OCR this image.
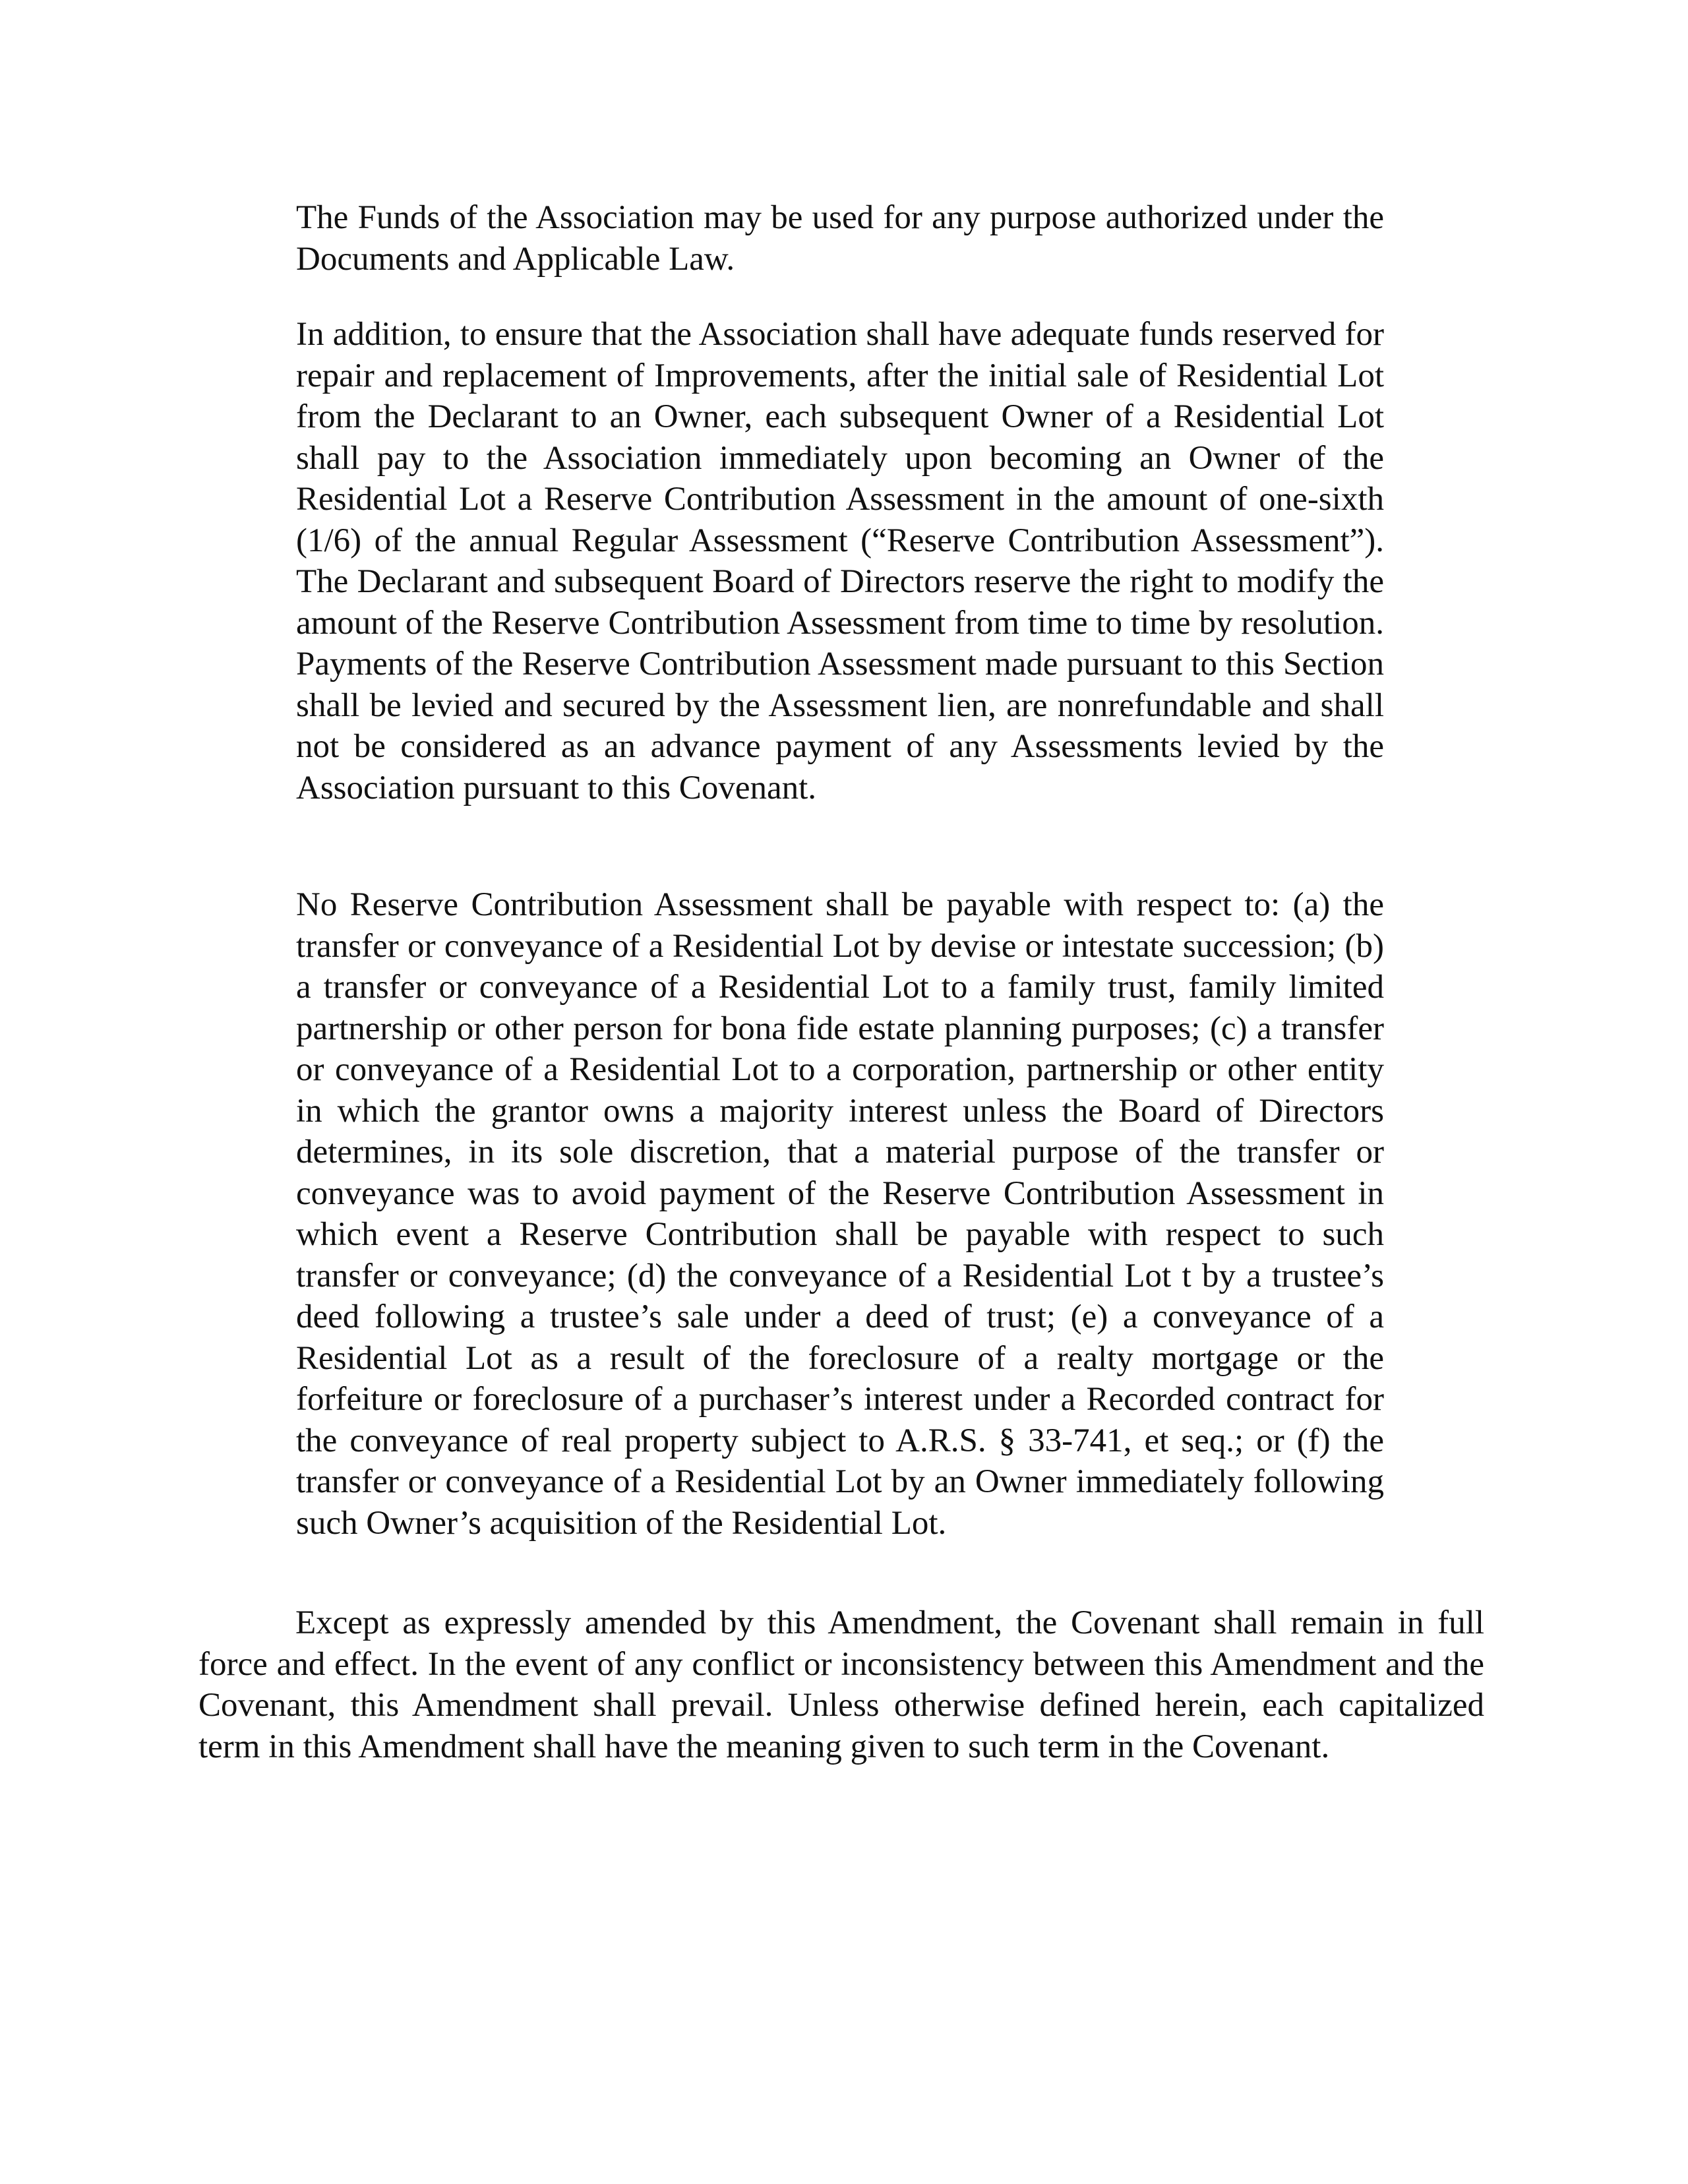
The Funds of the Association may be used for any purpose authorized under the Documents and Applicable Law.

In addition, to ensure that the Association shall have adequate funds reserved for repair and replacement of Improvements, after the initial sale of Residential Lot from the Declarant to an Owner, each subsequent Owner of a Residential Lot shall pay to the Association immediately upon becoming an Owner of the Residential Lot a Reserve Contribution Assessment in the amount of one-sixth (1/6) of the annual Regular Assessment (“Reserve Contribution Assessment”). The Declarant and subsequent Board of Directors reserve the right to modify the amount of the Reserve Contribution Assessment from time to time by resolution. Payments of the Reserve Contribution Assessment made pursuant to this Section shall be levied and secured by the Assessment lien, are nonrefundable and shall not be considered as an advance payment of any Assessments levied by the Association pursuant to this Covenant.

No Reserve Contribution Assessment shall be payable with respect to: (a) the transfer or conveyance of a Residential Lot by devise or intestate succession; (b) a transfer or conveyance of a Residential Lot to a family trust, family limited partnership or other person for bona fide estate planning purposes; (c) a transfer or conveyance of a Residential Lot to a corporation, partnership or other entity in which the grantor owns a majority interest unless the Board of Directors determines, in its sole discretion, that a material purpose of the transfer or conveyance was to avoid payment of the Reserve Contribution Assessment in which event a Reserve Contribution shall be payable with respect to such transfer or conveyance; (d) the conveyance of a Residential Lot t by a trustee’s deed following a trustee’s sale under a deed of trust; (e) a conveyance of a Residential Lot as a result of the foreclosure of a realty mortgage or the forfeiture or foreclosure of a purchaser’s interest under a Recorded contract for the conveyance of real property subject to A.R.S. § 33-741, et seq.; or (f) the transfer or conveyance of a Residential Lot by an Owner immediately following such Owner’s acquisition of the Residential Lot.

Except as expressly amended by this Amendment, the Covenant shall remain in full force and effect. In the event of any conflict or inconsistency between this Amendment and the Covenant, this Amendment shall prevail. Unless otherwise defined herein, each capitalized term in this Amendment shall have the meaning given to such term in the Covenant.
